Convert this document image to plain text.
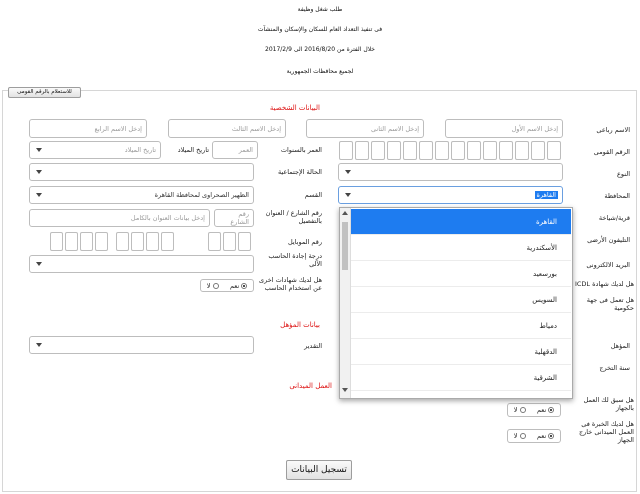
طلب شغل وظيفة
فى تنفيذ التعداد العام للسكان والإسكان والمنشآت
خلال الفترة من 2016/8/20 الى 2017/2/9
لجميع محافظات الجمهورية
للاستعلام بالرقم القومى
البيانات الشخصية
الاسم رباعى
إدخل الاسم الأول
إدخل الاسم الثانى
إدخل الاسم الثالث
إدخل الاسم الرابع
الرقم القومى
العمر بالسنوات
العمر
تاريخ الميلاد
تاريخ الميلاد
النوع
الحالة الإجتماعية
المحافظة
القاهرة
القسم
الظهير الصحراوى لمحافظة القاهرة
قرية/شياخة
رقم الشارع / العنوان بالتفصيل
رقم الشارع
إدخل بيانات العنوان بالكامل
التليفون الأرضى
رقم الموبايل
البريد الالكترونى
درجة إجادة الحاسب الآلى
هل لديك شهادة ICDL
هل لديك شهادات اخرى عن استخدام الحاسب
نعم
لا
هل تعمل فى جهة حكومية
بيانات المؤهل
المؤهل
التقدير
سنة التخرج
العمل الميدانى
هل سبق لك العمل بالجهاز
نعم
لا
هل لديك الخبرة فى العمل الميدانى خارج الجهاز
نعم
لا
تسجيل البيانات
القاهرة
الأسكندرية
بورسعيد
السويس
دمياط
الدقهلية
الشرقية
